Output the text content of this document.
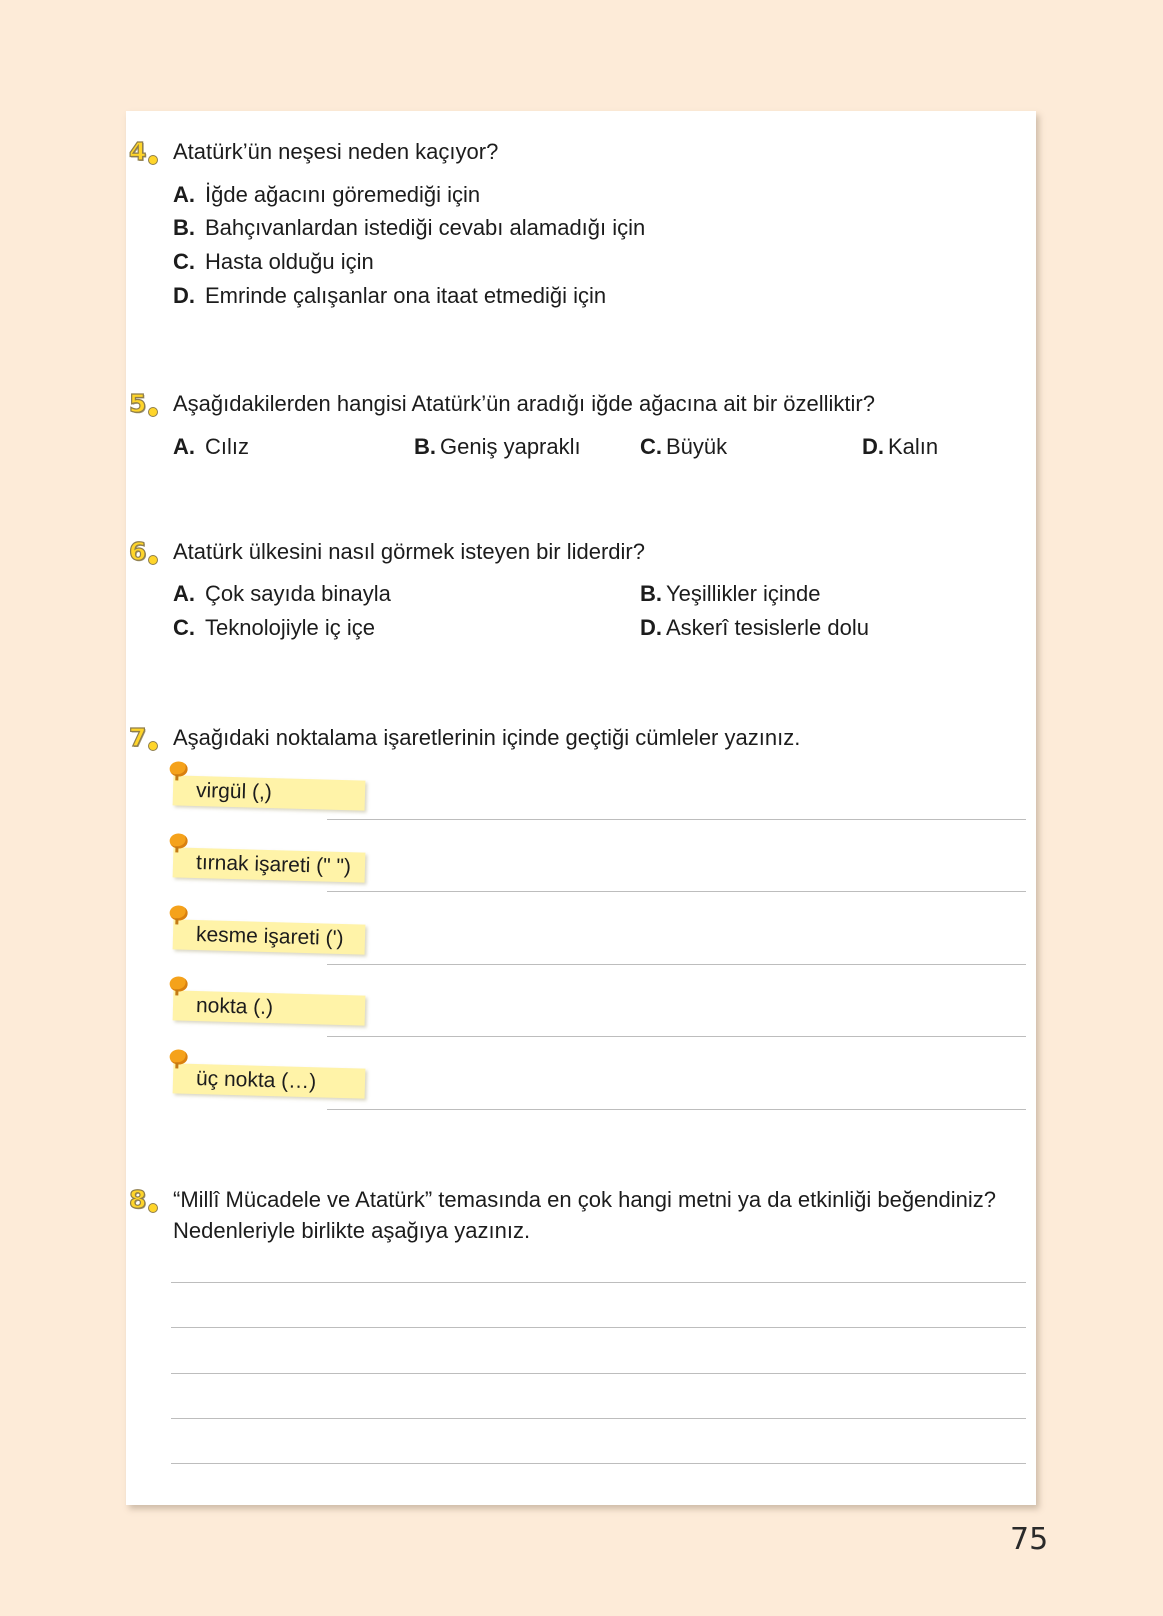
4	Atatürk’ün neşesi neden kaçıyor?
A. İğde ağacını göremediği için
B. Bahçıvanlardan istediği cevabı alamadığı için
C. Hasta olduğu için
D. Emrinde çalışanlar ona itaat etmediği için
5	Aşağıdakilerden hangisi Atatürk’ün aradığı iğde ağacına ait bir özelliktir?
A. Cılız	B. Geniş yapraklı	C. Büyük	D. Kalın
6	Atatürk ülkesini nasıl görmek isteyen bir liderdir?
A. Çok sayıda binayla	B. Yeşillikler içinde
C. Teknolojiyle iç içe	D. Askerî tesislerle dolu
7	Aşağıdaki noktalama işaretlerinin içinde geçtiği cümleler yazınız.
virgül (,)
tırnak işareti (" ")
kesme işareti (')
nokta (.)
üç nokta (…)
8	“Millî Mücadele ve Atatürk” temasında en çok hangi metni ya da etkinliği beğendiniz?
Nedenleriyle birlikte aşağıya yazınız.
75
